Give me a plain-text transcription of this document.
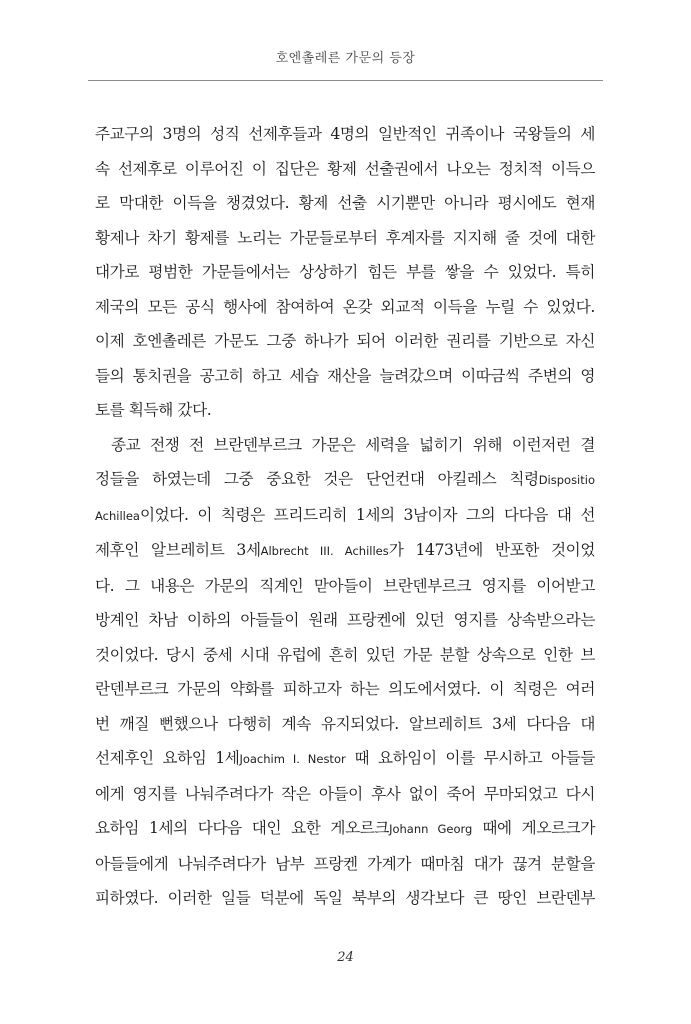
호엔촐레른 가문의 등장
주교구의 3명의 성직 선제후들과 4명의 일반적인 귀족이나 국왕들의 세
속 선제후로 이루어진 이 집단은 황제 선출권에서 나오는 정치적 이득으
로 막대한 이득을 챙겼었다. 황제 선출 시기뿐만 아니라 평시에도 현재
황제나 차기 황제를 노리는 가문들로부터 후계자를 지지해 줄 것에 대한
대가로 평범한 가문들에서는 상상하기 힘든 부를 쌓을 수 있었다. 특히
제국의 모든 공식 행사에 참여하여 온갖 외교적 이득을 누릴 수 있었다.
이제 호엔촐레른 가문도 그중 하나가 되어 이러한 권리를 기반으로 자신
들의 통치권을 공고히 하고 세습 재산을 늘려갔으며 이따금씩 주변의 영
토를 획득해 갔다.
종교 전쟁 전 브란덴부르크 가문은 세력을 넓히기 위해 이런저런 결
정들을 하였는데 그중 중요한 것은 단언컨대 아킬레스 칙령Dispositio
Achillea이었다. 이 칙령은 프리드리히 1세의 3남이자 그의 다다음 대 선
제후인 알브레히트 3세Albrecht III. Achilles가 1473년에 반포한 것이었
다. 그 내용은 가문의 직계인 맏아들이 브란덴부르크 영지를 이어받고
방계인 차남 이하의 아들들이 원래 프랑켄에 있던 영지를 상속받으라는
것이었다. 당시 중세 시대 유럽에 흔히 있던 가문 분할 상속으로 인한 브
란덴부르크 가문의 약화를 피하고자 하는 의도에서였다. 이 칙령은 여러
번 깨질 뻔했으나 다행히 계속 유지되었다. 알브레히트 3세 다다음 대
선제후인 요하임 1세Joachim I. Nestor 때 요하임이 이를 무시하고 아들들
에게 영지를 나눠주려다가 작은 아들이 후사 없이 죽어 무마되었고 다시
요하임 1세의 다다음 대인 요한 게오르크Johann Georg 때에 게오르크가
아들들에게 나눠주려다가 남부 프랑켄 가계가 때마침 대가 끊겨 분할을
피하였다. 이러한 일들 덕분에 독일 북부의 생각보다 큰 땅인 브란덴부
24
